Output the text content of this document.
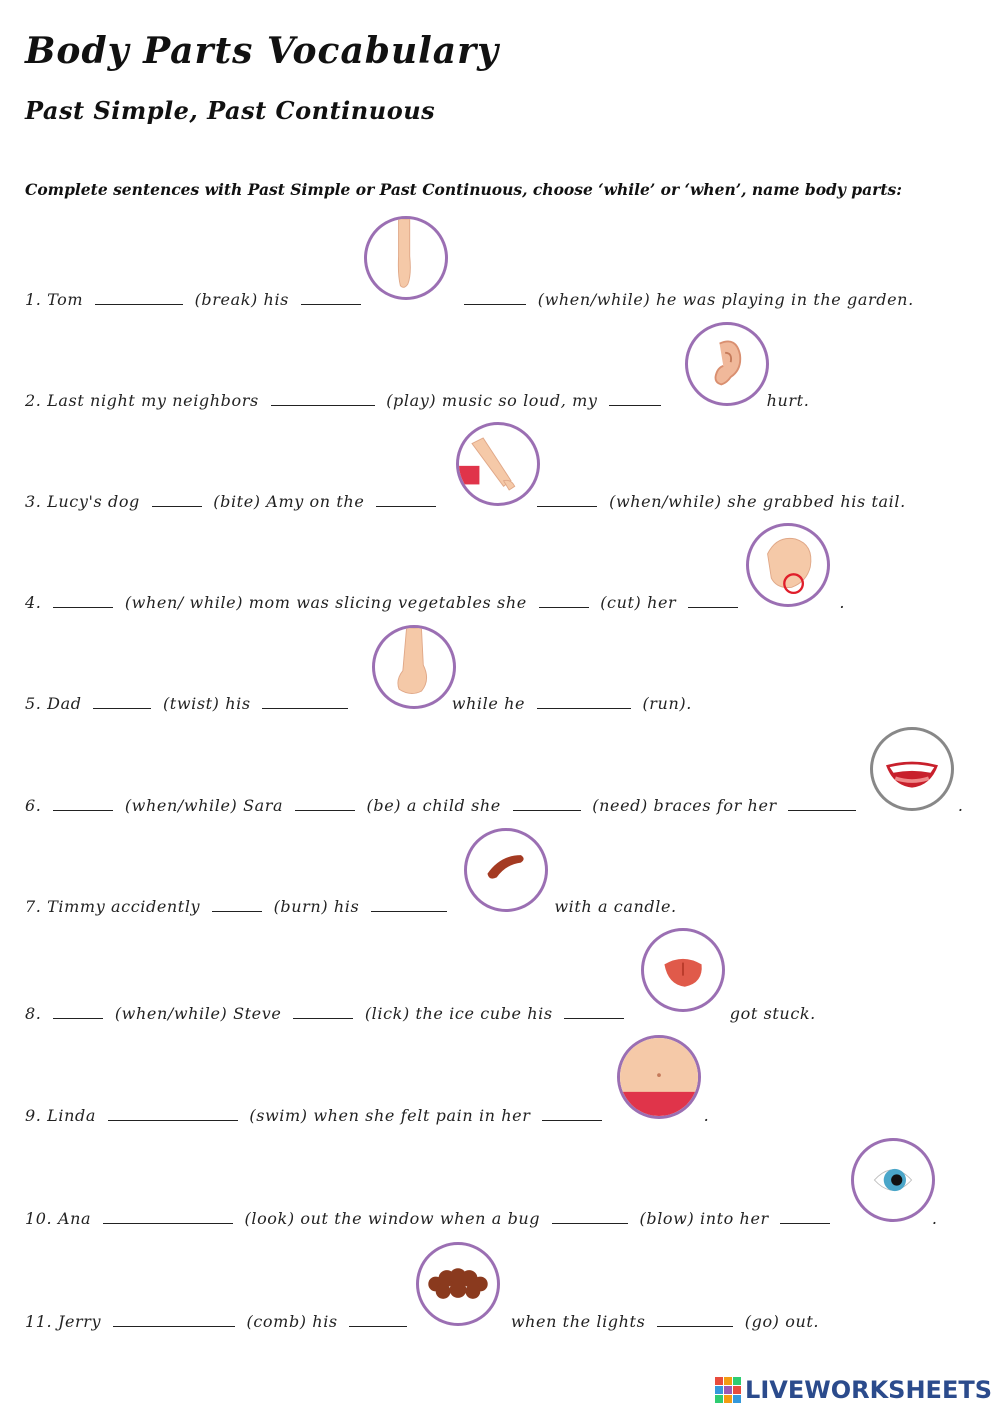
Body Parts Vocabulary
Past Simple, Past Continuous

Complete sentences with Past Simple or Past Continuous, choose ‘while’ or ‘when’, name body parts:

1. Tom	(break) his	(when/while) he was playing in the garden.
2. Last night my neighbors	(play) music so loud, my	hurt.
3. Lucy's dog	(bite) Amy on the	(when/while) she grabbed his tail.
4.	(when/ while) mom was slicing vegetables she	(cut) her	.
5. Dad	(twist) his	while he	(run).
6.	(when/while) Sara	(be) a child she	(need) braces for her	.
7. Timmy accidently	(burn) his	with a candle.
8.	(when/while) Steve	(lick) the ice cube his	got stuck.
9. Linda	(swim) when she felt pain in her	.
10. Ana	(look) out the window when a bug	(blow) into her	.
11. Jerry	(comb) his	when the lights	(go) out.
LIVEWORKSHEETS
